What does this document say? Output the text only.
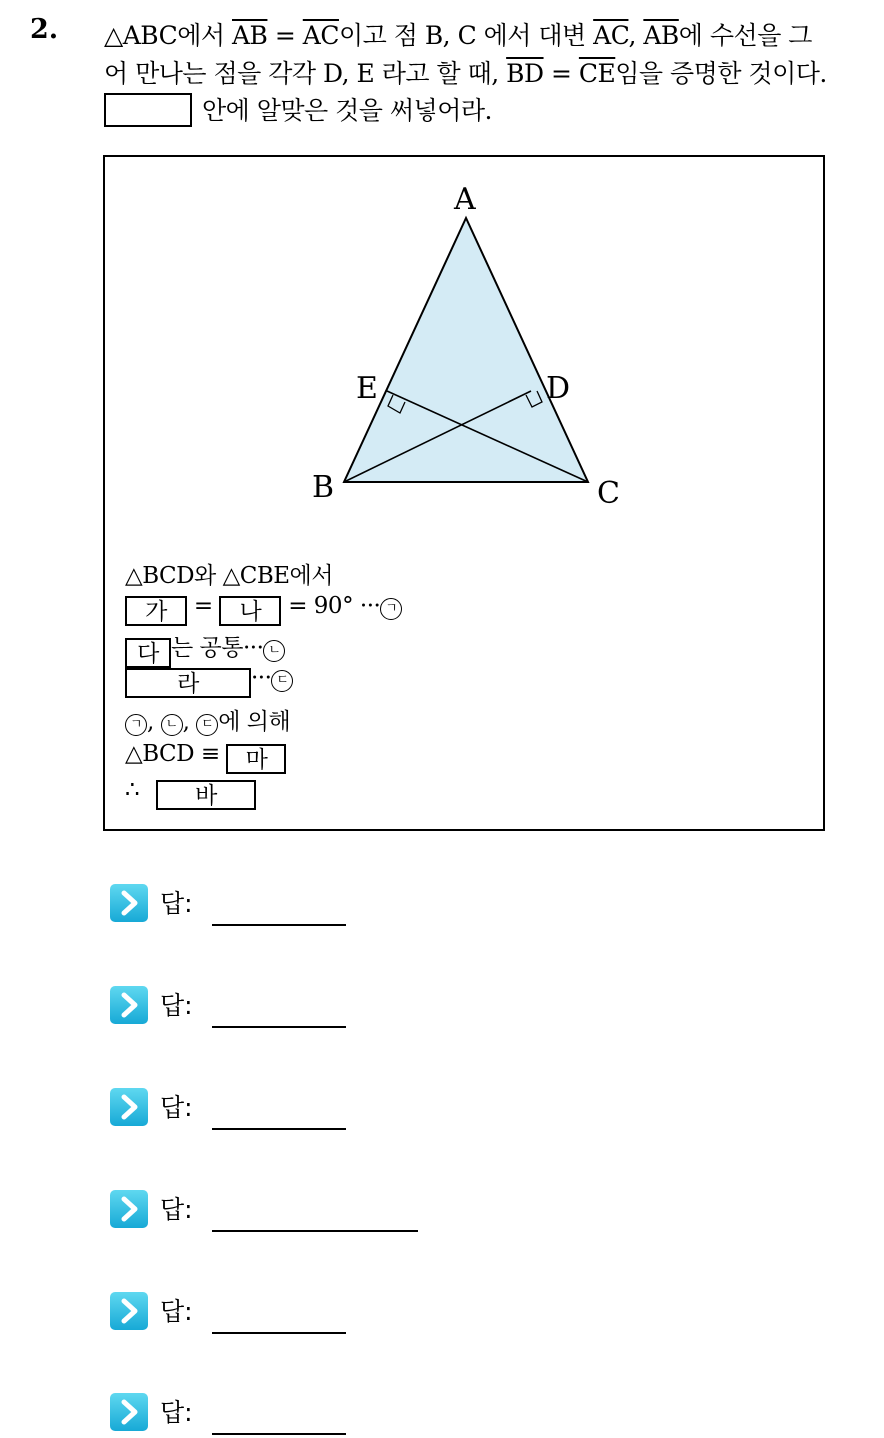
2. △ABC에서 $\overline{AB} = \overline{AC}$이고 점 B, C 에서 대변 $\overline{AC}$, $\overline{AB}$에 수선을 그
어 만나는 점을 각각 D, E 라고 할 때, $\overline{BD} = \overline{CE}$임을 증명한 것이다.
안에 알맞은 것을 써넣어라.
A
B	C
D
E
△BCD와 △CBE에서
가 = 나 = 90° ··· ㄱ
다 는 공통··· ㄴ
라 ··· ㄷ
ㄱ , ㄴ , ㄷ 에 의해
△BCD ≡ 마
∴ 바
답:
답:
답:
답:
답:
답:
